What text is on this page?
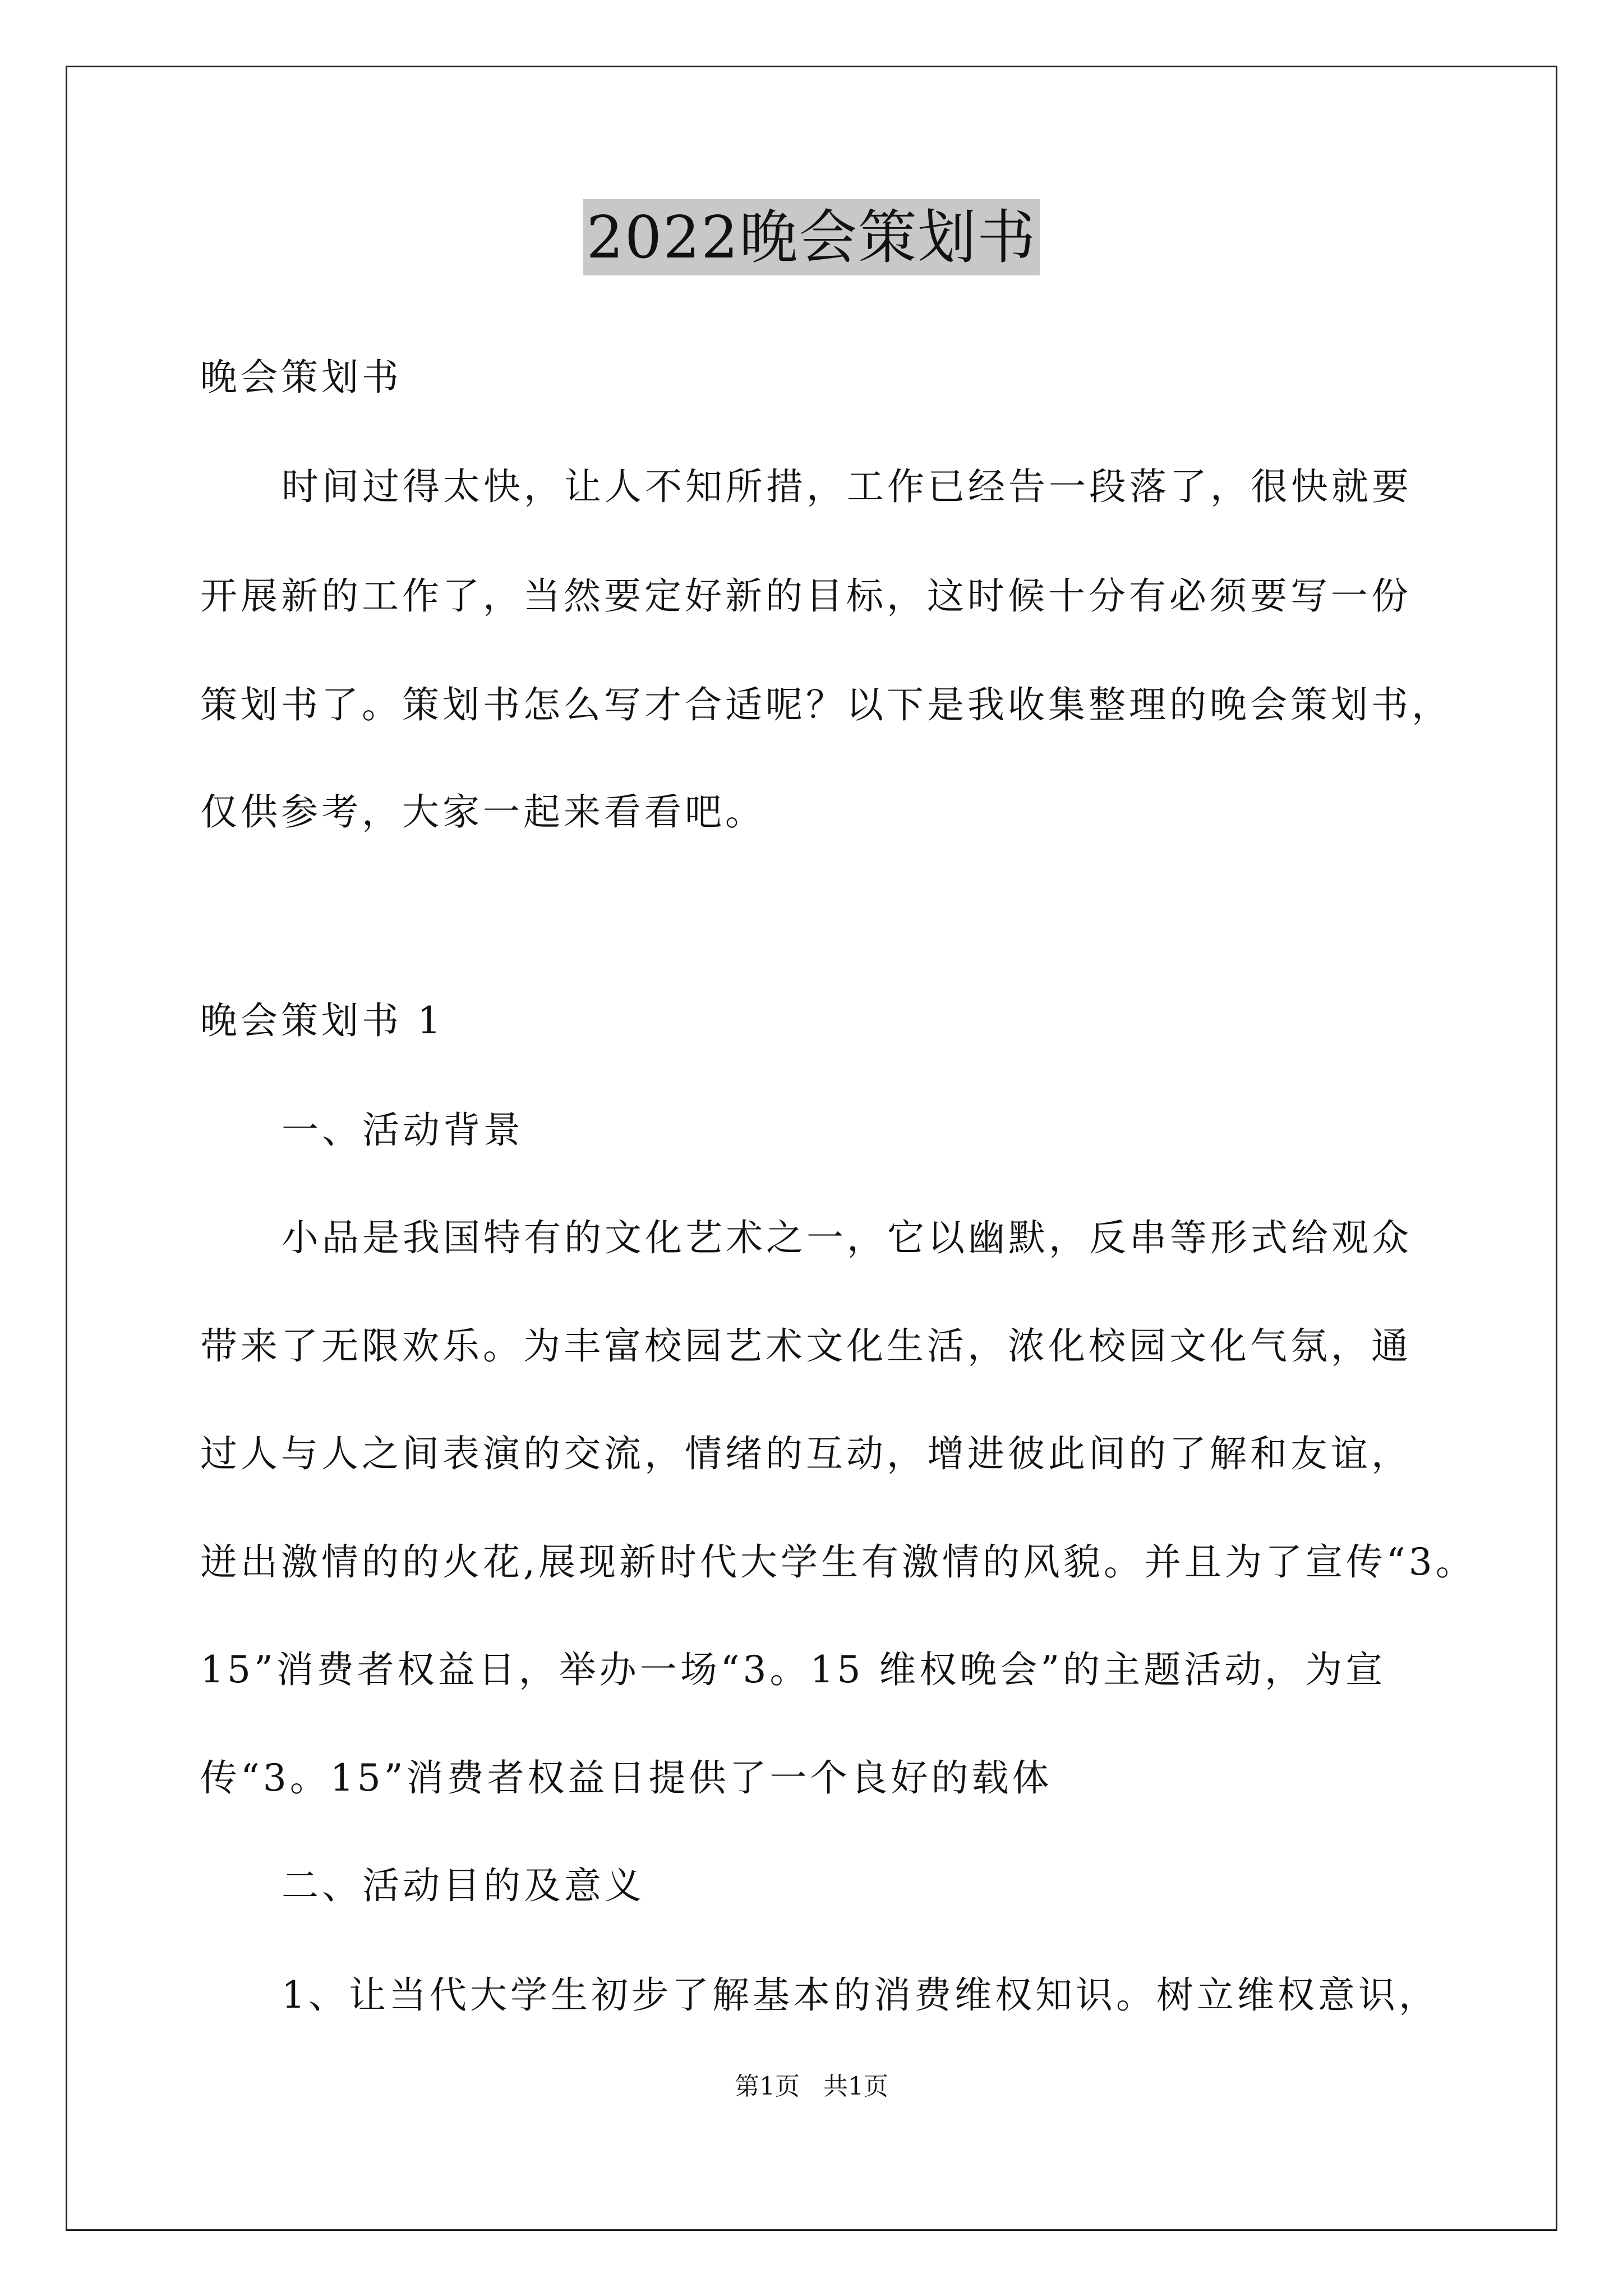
2022晚会策划书
晚会策划书
时间过得太快，让人不知所措，工作已经告一段落了，很快就要
开展新的工作了，当然要定好新的目标，这时候十分有必须要写一份
策划书了。策划书怎么写才合适呢？以下是我收集整理的晚会策划书，
仅供参考，大家一起来看看吧。
晚会策划书 1
一、活动背景
小品是我国特有的文化艺术之一，它以幽默，反串等形式给观众
带来了无限欢乐。为丰富校园艺术文化生活，浓化校园文化气氛，通
过人与人之间表演的交流，情绪的互动，增进彼此间的了解和友谊，
迸出激情的的火花,展现新时代大学生有激情的风貌。并且为了宣传“3。
15”消费者权益日，举办一场“3。15 维权晚会”的主题活动，为宣
传“3。15”消费者权益日提供了一个良好的载体
二、活动目的及意义
1、让当代大学生初步了解基本的消费维权知识。树立维权意识，
第1页   共1页
